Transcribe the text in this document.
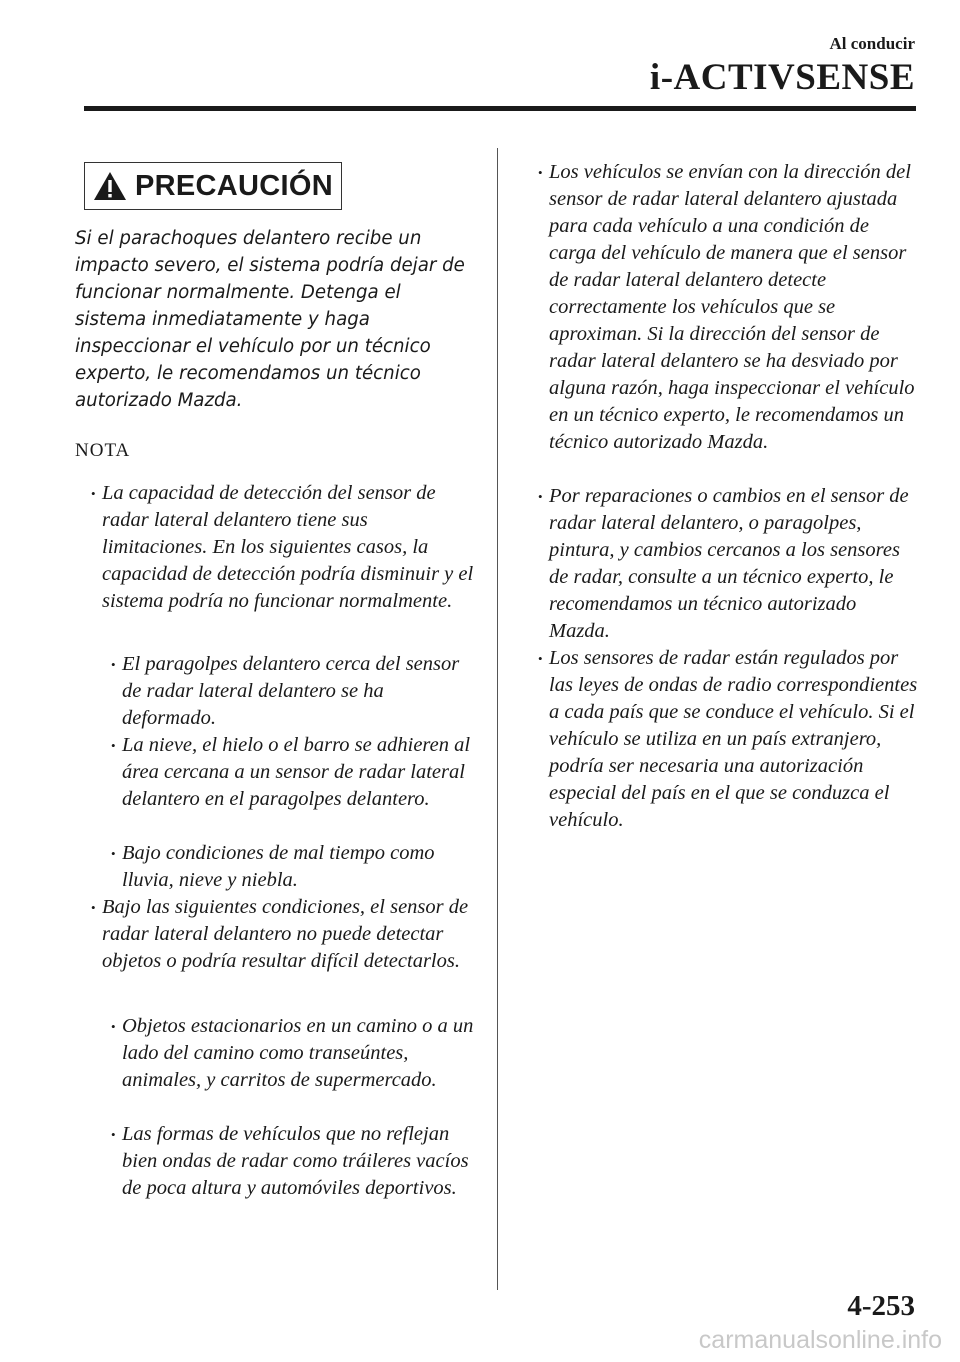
Al conducir
i-ACTIVSENSE
PRECAUCIÓN
Si el parachoques delantero recibe un impacto severo, el sistema podría dejar de funcionar normalmente. Detenga el sistema inmediatamente y haga inspeccionar el vehículo por un técnico experto, le recomendamos un técnico autorizado Mazda.
NOTA
• La capacidad de detección del sensor de radar lateral delantero tiene sus limitaciones. En los siguientes casos, la capacidad de detección podría disminuir y el sistema podría no funcionar normalmente.
• El paragolpes delantero cerca del sensor de radar lateral delantero se ha deformado.
• La nieve, el hielo o el barro se adhieren al área cercana a un sensor de radar lateral delantero en el paragolpes delantero.
• Bajo condiciones de mal tiempo como lluvia, nieve y niebla.
• Bajo las siguientes condiciones, el sensor de radar lateral delantero no puede detectar objetos o podría resultar difícil detectarlos.
• Objetos estacionarios en un camino o a un lado del camino como transeúntes, animales, y carritos de supermercado.
• Las formas de vehículos que no reflejan bien ondas de radar como tráileres vacíos de poca altura y automóviles deportivos.
• Los vehículos se envían con la dirección del sensor de radar lateral delantero ajustada para cada vehículo a una condición de carga del vehículo de manera que el sensor de radar lateral delantero detecte correctamente los vehículos que se aproximan. Si la dirección del sensor de radar lateral delantero se ha desviado por alguna razón, haga inspeccionar el vehículo en un técnico experto, le recomendamos un técnico autorizado Mazda.
• Por reparaciones o cambios en el sensor de radar lateral delantero, o paragolpes, pintura, y cambios cercanos a los sensores de radar, consulte a un técnico experto, le recomendamos un técnico autorizado Mazda.
• Los sensores de radar están regulados por las leyes de ondas de radio correspondientes a cada país que se conduce el vehículo. Si el vehículo se utiliza en un país extranjero, podría ser necesaria una autorización especial del país en el que se conduzca el vehículo.
4-253
carmanualsonline.info
